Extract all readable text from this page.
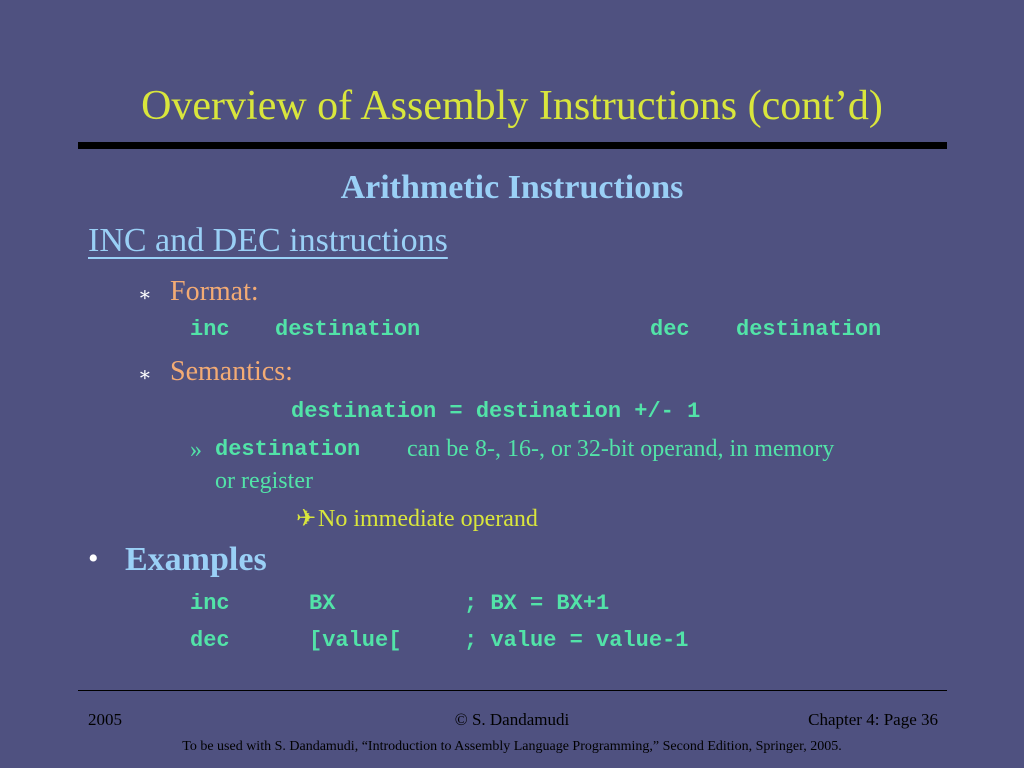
Overview of Assembly Instructions (cont’d)
Arithmetic Instructions
INC and DEC instructions
∗ Format:
inc destination	dec destination
∗ Semantics:
destination = destination +/- 1
» destination can be 8-, 16-, or 32-bit operand, in memory
or register
✈ No immediate operand
• Examples
inc	BX	; BX = BX+1
dec	[value[	; value = value-1
2005	© S. Dandamudi	Chapter 4: Page 36
To be used with S. Dandamudi, “Introduction to Assembly Language Programming,” Second Edition, Springer, 2005.
